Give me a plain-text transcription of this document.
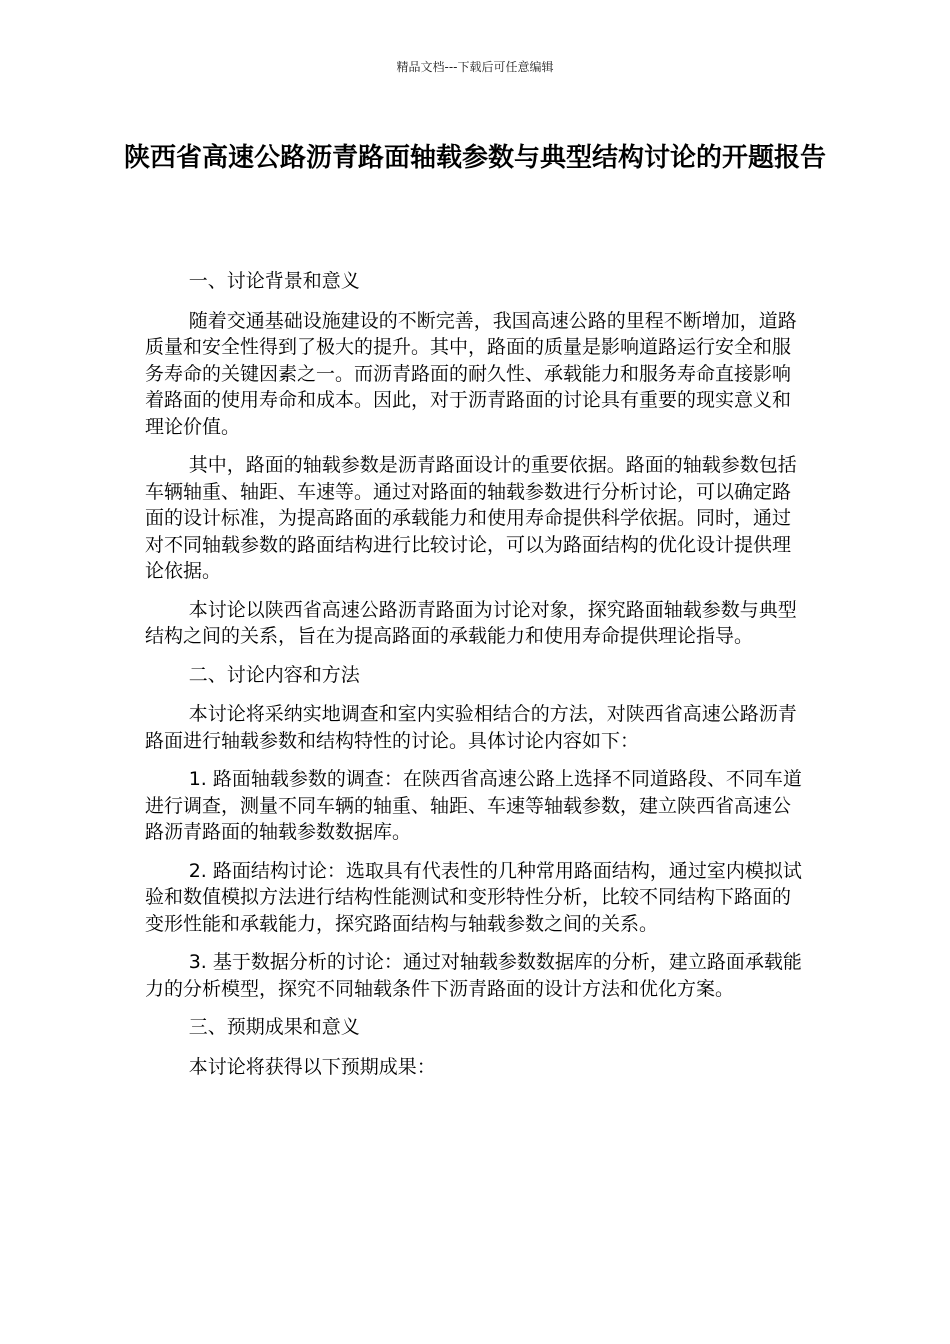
精品文档---下载后可任意编辑
陕西省高速公路沥青路面轴载参数与典型结构讨论的开题报告

一、讨论背景和意义

随着交通基础设施建设的不断完善，我国高速公路的里程不断增加，道路质量和安全性得到了极大的提升。其中，路面的质量是影响道路运行安全和服务寿命的关键因素之一。而沥青路面的耐久性、承载能力和服务寿命直接影响着路面的使用寿命和成本。因此，对于沥青路面的讨论具有重要的现实意义和理论价值。

其中，路面的轴载参数是沥青路面设计的重要依据。路面的轴载参数包括车辆轴重、轴距、车速等。通过对路面的轴载参数进行分析讨论，可以确定路面的设计标准，为提高路面的承载能力和使用寿命提供科学依据。同时，通过对不同轴载参数的路面结构进行比较讨论，可以为路面结构的优化设计提供理论依据。

本讨论以陕西省高速公路沥青路面为讨论对象，探究路面轴载参数与典型结构之间的关系，旨在为提高路面的承载能力和使用寿命提供理论指导。

二、讨论内容和方法

本讨论将采纳实地调查和室内实验相结合的方法，对陕西省高速公路沥青路面进行轴载参数和结构特性的讨论。具体讨论内容如下：

1. 路面轴载参数的调查：在陕西省高速公路上选择不同道路段、不同车道进行调查，测量不同车辆的轴重、轴距、车速等轴载参数，建立陕西省高速公路沥青路面的轴载参数数据库。

2. 路面结构讨论：选取具有代表性的几种常用路面结构，通过室内模拟试验和数值模拟方法进行结构性能测试和变形特性分析，比较不同结构下路面的变形性能和承载能力，探究路面结构与轴载参数之间的关系。

3. 基于数据分析的讨论：通过对轴载参数数据库的分析，建立路面承载能力的分析模型，探究不同轴载条件下沥青路面的设计方法和优化方案。

三、预期成果和意义

本讨论将获得以下预期成果：
